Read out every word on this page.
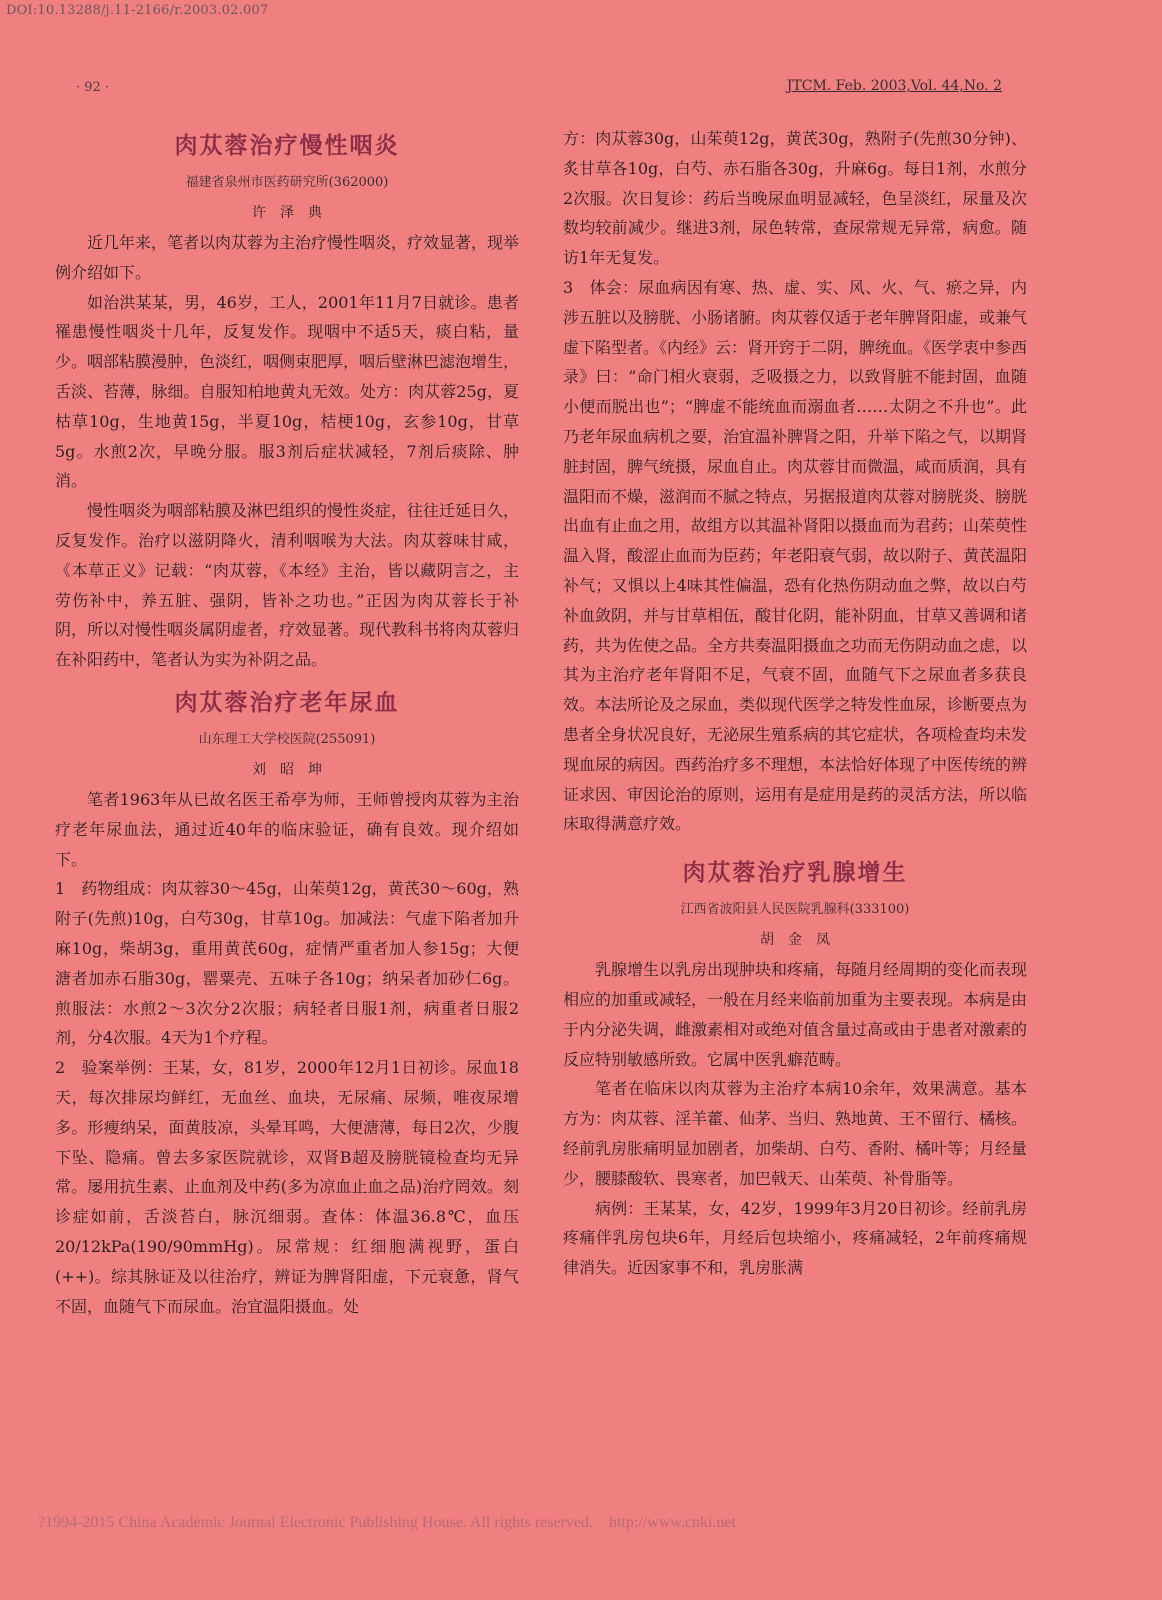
DOI:10.13288/j.11-2166/r.2003.02.007
· 92 ·	JTCM. Feb. 2003,Vol. 44,No. 2
肉苁蓉治疗慢性咽炎

福建省泉州市医药研究所(362000)

许泽典

近几年来，笔者以肉苁蓉为主治疗慢性咽炎，疗效显著，现举例介绍如下。

如治洪某某，男，46岁，工人，2001年11月7日就诊。患者罹患慢性咽炎十几年，反复发作。现咽中不适5天，痰白粘，量少。咽部粘膜漫肿，色淡红，咽侧束肥厚，咽后壁淋巴滤泡增生，舌淡、苔薄，脉细。自服知柏地黄丸无效。处方：肉苁蓉25g，夏枯草10g，生地黄15g，半夏10g，桔梗10g，玄参10g，甘草5g。水煎2次，早晚分服。服3剂后症状减轻，7剂后痰除、肿消。

慢性咽炎为咽部粘膜及淋巴组织的慢性炎症，往往迁延日久，反复发作。治疗以滋阴降火，清利咽喉为大法。肉苁蓉味甘咸，《本草正义》记载：“肉苁蓉，《本经》主治，皆以藏阴言之，主劳伤补中，养五脏、强阴，皆补之功也。”正因为肉苁蓉长于补阴，所以对慢性咽炎属阴虚者，疗效显著。现代教科书将肉苁蓉归在补阳药中，笔者认为实为补阴之品。

肉苁蓉治疗老年尿血

山东理工大学校医院(255091)

刘昭坤

笔者1963年从已故名医王希亭为师，王师曾授肉苁蓉为主治疗老年尿血法，通过近40年的临床验证，确有良效。现介绍如下。

1　药物组成：肉苁蓉30～45g，山茱萸12g，黄芪30～60g，熟附子(先煎)10g，白芍30g，甘草10g。加减法：气虚下陷者加升麻10g，柴胡3g，重用黄芪60g，症情严重者加人参15g；大便溏者加赤石脂30g，罂粟壳、五味子各10g；纳呆者加砂仁6g。煎服法：水煎2～3次分2次服；病轻者日服1剂，病重者日服2剂，分4次服。4天为1个疗程。

2　验案举例：王某，女，81岁，2000年12月1日初诊。尿血18天，每次排尿均鲜红，无血丝、血块，无尿痛、尿频，唯夜尿增多。形瘦纳呆，面黄肢凉，头晕耳鸣，大便溏薄，每日2次，少腹下坠、隐痛。曾去多家医院就诊，双肾B超及膀胱镜检查均无异常。屡用抗生素、止血剂及中药(多为凉血止血之品)治疗罔效。刻诊症如前，舌淡苔白，脉沉细弱。查体：体温36.8℃，血压20/12kPa(190/90mmHg)。尿常规：红细胞满视野，蛋白(++)。综其脉证及以往治疗，辨证为脾肾阳虚，下元衰惫，肾气不固，血随气下而尿血。治宜温阳摄血。处

方：肉苁蓉30g，山茱萸12g，黄芪30g，熟附子(先煎30分钟)、炙甘草各10g，白芍、赤石脂各30g，升麻6g。每日1剂，水煎分2次服。次日复诊：药后当晚尿血明显减轻，色呈淡红，尿量及次数均较前减少。继进3剂，尿色转常，查尿常规无异常，病愈。随访1年无复发。

3　体会：尿血病因有寒、热、虚、实、风、火、气、瘀之异，内涉五脏以及膀胱、小肠诸腑。肉苁蓉仅适于老年脾肾阳虚，或兼气虚下陷型者。《内经》云：肾开窍于二阴，脾统血。《医学衷中参西录》曰：“命门相火衰弱，乏吸摄之力，以致肾脏不能封固，血随小便而脱出也”；“脾虚不能统血而溺血者……太阴之不升也”。此乃老年尿血病机之要，治宜温补脾肾之阳，升举下陷之气，以期肾脏封固，脾气统摄，尿血自止。肉苁蓉甘而微温，咸而质润，具有温阳而不燥，滋润而不腻之特点，另据报道肉苁蓉对膀胱炎、膀胱出血有止血之用，故组方以其温补肾阳以摄血而为君药；山茱萸性温入肾，酸涩止血而为臣药；年老阳衰气弱，故以附子、黄芪温阳补气；又惧以上4味其性偏温，恐有化热伤阴动血之弊，故以白芍补血敛阴，并与甘草相伍，酸甘化阴，能补阴血，甘草又善调和诸药，共为佐使之品。全方共奏温阳摄血之功而无伤阴动血之虑，以其为主治疗老年肾阳不足，气衰不固，血随气下之尿血者多获良效。本法所论及之尿血，类似现代医学之特发性血尿，诊断要点为患者全身状况良好，无泌尿生殖系病的其它症状，各项检查均未发现血尿的病因。西药治疗多不理想，本法恰好体现了中医传统的辨证求因、审因论治的原则，运用有是症用是药的灵活方法，所以临床取得满意疗效。

肉苁蓉治疗乳腺增生

江西省波阳县人民医院乳腺科(333100)

胡金凤

乳腺增生以乳房出现肿块和疼痛，每随月经周期的变化而表现相应的加重或减轻，一般在月经来临前加重为主要表现。本病是由于内分泌失调，雌激素相对或绝对值含量过高或由于患者对激素的反应特别敏感所致。它属中医乳癖范畴。

笔者在临床以肉苁蓉为主治疗本病10余年，效果满意。基本方为：肉苁蓉、淫羊藿、仙茅、当归、熟地黄、王不留行、橘核。经前乳房胀痛明显加剧者，加柴胡、白芍、香附、橘叶等；月经量少，腰膝酸软、畏寒者，加巴戟天、山茱萸、补骨脂等。

病例：王某某，女，42岁，1999年3月20日初诊。经前乳房疼痛伴乳房包块6年，月经后包块缩小，疼痛减轻，2年前疼痛规律消失。近因家事不和，乳房胀满

?1994-2015 China Academic Journal Electronic Publishing House. All rights reserved.    http://www.cnki.net
